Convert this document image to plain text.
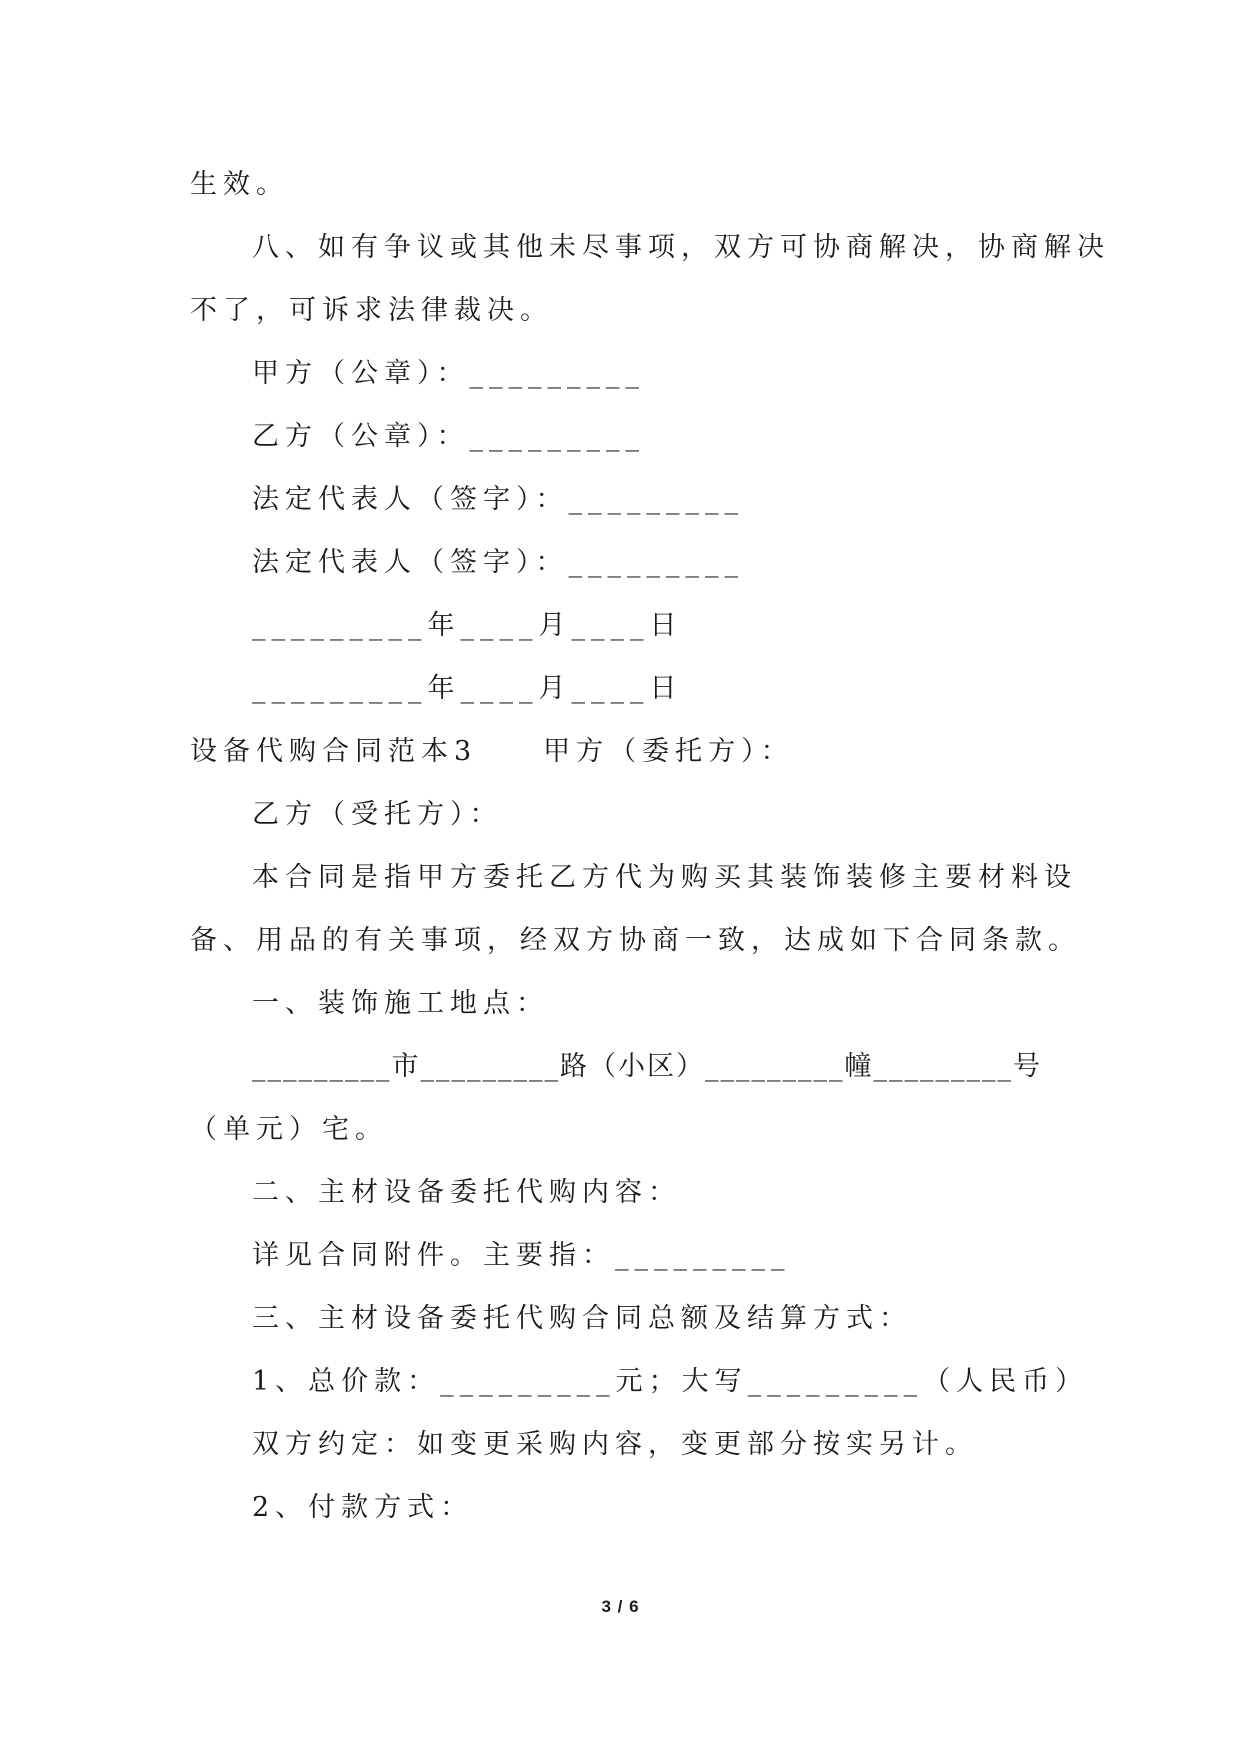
生效。
八、如有争议或其他未尽事项，双方可协商解决，协商解决
不了，可诉求法律裁决。
甲方（公章）：_________
乙方（公章）：_________
法定代表人（签字）：_________
法定代表人（签字）：_________
_________年____月____日
_________年____月____日
设备代购合同范本3　　甲方（委托方）：
乙方（受托方）：
本合同是指甲方委托乙方代为购买其装饰装修主要材料设
备、用品的有关事项，经双方协商一致，达成如下合同条款。
一、装饰施工地点：
_________市_________路（小区）_________幢_________号
（单元）宅。
二、主材设备委托代购内容：
详见合同附件。主要指：_________
三、主材设备委托代购合同总额及结算方式：
1、总价款：_________元；大写_________（人民币）
双方约定：如变更采购内容，变更部分按实另计。
2、付款方式：
3 / 6
